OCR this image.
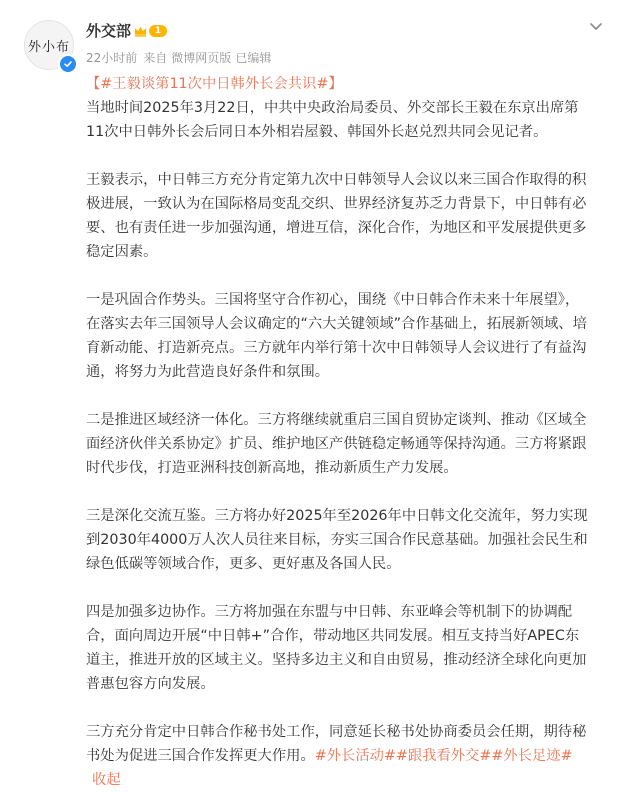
外小布
外交部	1
22小时前 来自 微博网页版 已编辑

【#王毅谈第11次中日韩外长会共识#】
当地时间2025年3月22日，中共中央政治局委员、外交部长王毅在东京出席第11次中日韩外长会后同日本外相岩屋毅、韩国外长赵兑烈共同会见记者。

王毅表示，中日韩三方充分肯定第九次中日韩领导人会议以来三国合作取得的积极进展，一致认为在国际格局变乱交织、世界经济复苏乏力背景下，中日韩有必要、也有责任进一步加强沟通，增进互信，深化合作，为地区和平发展提供更多稳定因素。

一是巩固合作势头。三国将坚守合作初心，围绕《中日韩合作未来十年展望》，在落实去年三国领导人会议确定的“六大关键领域”合作基础上，拓展新领域、培育新动能、打造新亮点。三方就年内举行第十次中日韩领导人会议进行了有益沟通，将努力为此营造良好条件和氛围。

二是推进区域经济一体化。三方将继续就重启三国自贸协定谈判、推动《区域全面经济伙伴关系协定》扩员、维护地区产供链稳定畅通等保持沟通。三方将紧跟时代步伐，打造亚洲科技创新高地，推动新质生产力发展。

三是深化交流互鉴。三方将办好2025年至2026年中日韩文化交流年，努力实现到2030年4000万人次人员往来目标，夯实三国合作民意基础。加强社会民生和绿色低碳等领域合作，更多、更好惠及各国人民。

四是加强多边协作。三方将加强在东盟与中日韩、东亚峰会等机制下的协调配合，面向周边开展“中日韩+”合作，带动地区共同发展。相互支持当好APEC东道主，推进开放的区域主义。坚持多边主义和自由贸易，推动经济全球化向更加普惠包容方向发展。

三方充分肯定中日韩合作秘书处工作，同意延长秘书处协商委员会任期，期待秘书处为促进三国合作发挥更大作用。#外长活动##跟我看外交##外长足迹#收起
